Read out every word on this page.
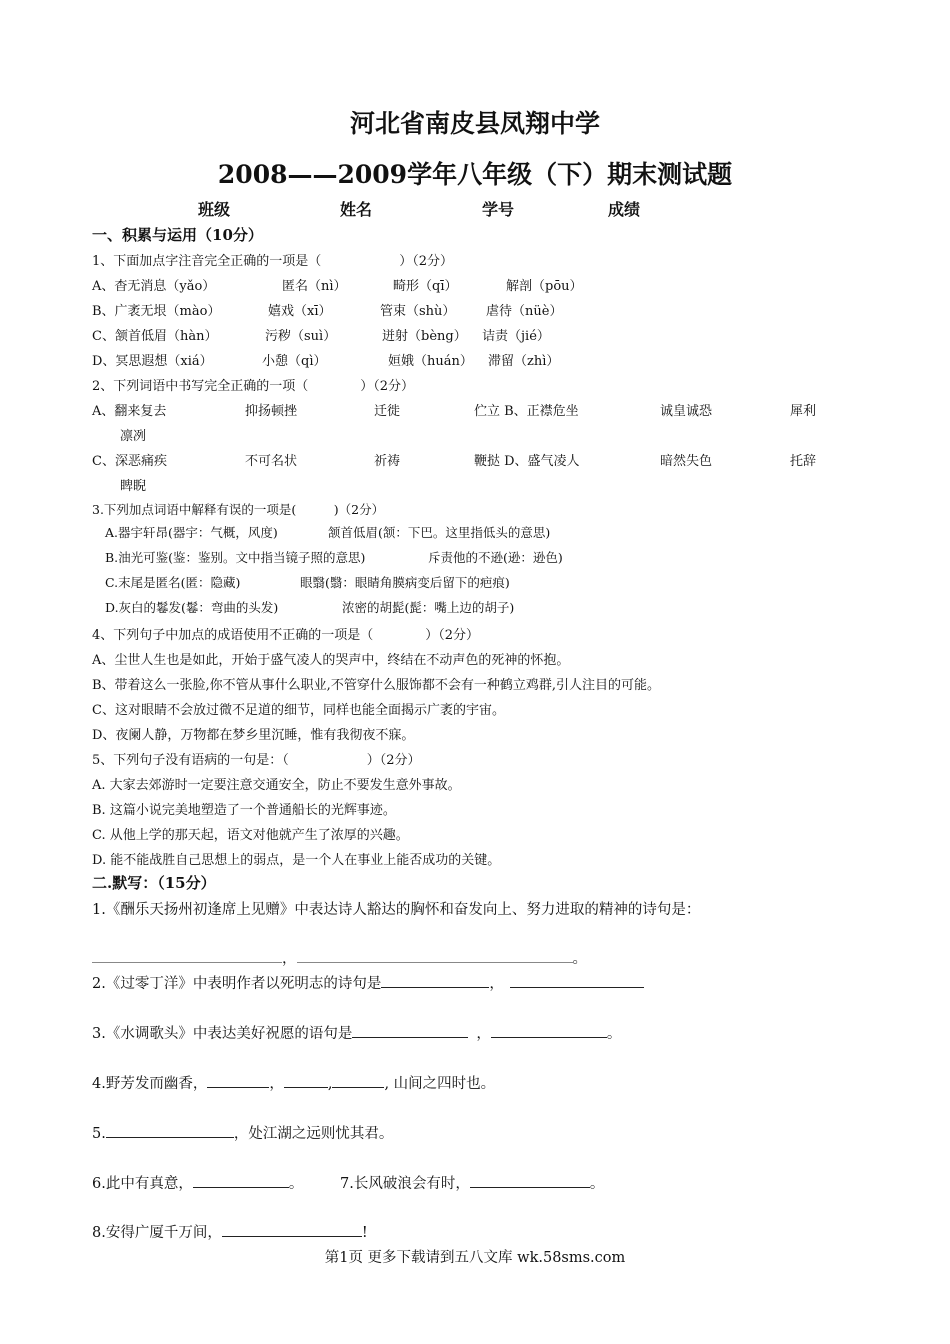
河北省南皮县凤翔中学
2008——2009学年八年级（下）期末测试题
班级	姓名	学号	成绩
一、积累与运用（10分）
1、下面加点字注音完全正确的一项是（　　　　　　）（2分）
A、杳无消息（yǎo）	匿名（nì）	畸形（qī）	解剖（pōu）
B、广袤无垠（mào）	嬉戏（xī）	管束（shù） 虐待（nüè）
C、颔首低眉（hàn）	污秽（suì）	迸射（bèng） 诘责（jié）
D、冥思遐想（xiá）	小憩（qì）	姮娥（huán） 滞留（zhì）
2、下列词语中书写完全正确的一项（　　　　）（2分）
A、翻来复去	抑扬顿挫	迁徙	伫立 B、正襟危坐	诚皇诚恐	犀利
凛冽
C、深恶痛疾	不可名状	祈祷	鞭挞 D、盛气凌人	暗然失色	托辞
睥睨
3.下列加点词语中解释有误的一项是(　　　)（2分）
A.器宇轩昂(器宇：气概，风度)	颔首低眉(颔：下巴。这里指低头的意思)
B.油光可鉴(鉴：鉴别。文中指当镜子照的意思)	斥责他的不逊(逊：逊色)
C.末尾是匿名(匿：隐藏)	眼翳(翳：眼睛角膜病变后留下的疤痕)
D.灰白的鬈发(鬈：弯曲的头发)	浓密的胡髭(髭：嘴上边的胡子)
4、下列句子中加点的成语使用不正确的一项是（　　　　）（2分）
A、尘世人生也是如此，开始于盛气凌人的哭声中，终结在不动声色的死神的怀抱。
B、带着这么一张脸,你不管从事什么职业,不管穿什么服饰都不会有一种鹤立鸡群,引人注目的可能。
C、这对眼睛不会放过微不足道的细节，同样也能全面揭示广袤的宇宙。
D、夜阑人静，万物都在梦乡里沉睡，惟有我彻夜不寐。
5、下列句子没有语病的一句是：（　　　　　　）（2分）
A. 大家去郊游时一定要注意交通安全，防止不要发生意外事故。
B. 这篇小说完美地塑造了一个普通船长的光辉事迹。
C. 从他上学的那天起，语文对他就产生了浓厚的兴趣。
D. 能不能战胜自己思想上的弱点，是一个人在事业上能否成功的关键。
二.默写：（15分）
1.《酬乐天扬州初逢席上见赠》中表达诗人豁达的胸怀和奋发向上、努力进取的精神的诗句是：
，	。
2.《过零丁洋》中表明作者以死明志的诗句是	，
3.《水调歌头》中表达美好祝愿的语句是	，	。
4.野芳发而幽香，	，	,	, 山间之四时也。
5.	，处江湖之远则忧其君。
6.此中有真意，	。	7.长风破浪会有时，	。
8.安得广厦千万间，	!
第1页 更多下载请到五八文库 wk.58sms.com
